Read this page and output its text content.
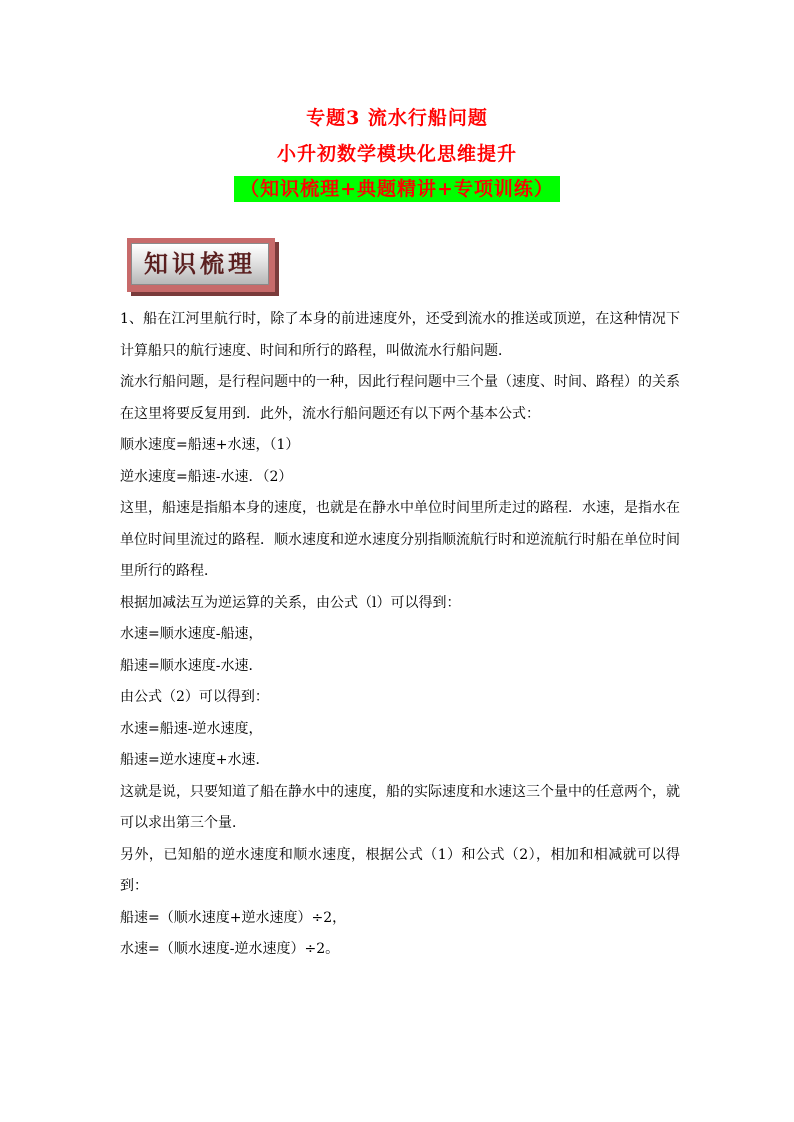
专题3 流水行船问题
小升初数学模块化思维提升
（知识梳理+典题精讲+专项训练）
知识梳理

1、船在江河里航行时，除了本身的前进速度外，还受到流水的推送或顶逆，在这种情况下计算船只的航行速度、时间和所行的路程，叫做流水行船问题．

流水行船问题，是行程问题中的一种，因此行程问题中三个量（速度、时间、路程）的关系在这里将要反复用到．此外，流水行船问题还有以下两个基本公式：

顺水速度=船速+水速，（1）

逆水速度=船速-水速．（2）

这里，船速是指船本身的速度，也就是在静水中单位时间里所走过的路程．水速，是指水在单位时间里流过的路程．顺水速度和逆水速度分别指顺流航行时和逆流航行时船在单位时间里所行的路程．

根据加减法互为逆运算的关系，由公式（l）可以得到：

水速=顺水速度-船速，

船速=顺水速度-水速．

由公式（2）可以得到：

水速=船速-逆水速度，

船速=逆水速度+水速．

这就是说，只要知道了船在静水中的速度，船的实际速度和水速这三个量中的任意两个，就可以求出第三个量．

另外，已知船的逆水速度和顺水速度，根据公式（1）和公式（2），相加和相减就可以得到：

船速=（顺水速度+逆水速度）÷2，

水速=（顺水速度-逆水速度）÷2。
